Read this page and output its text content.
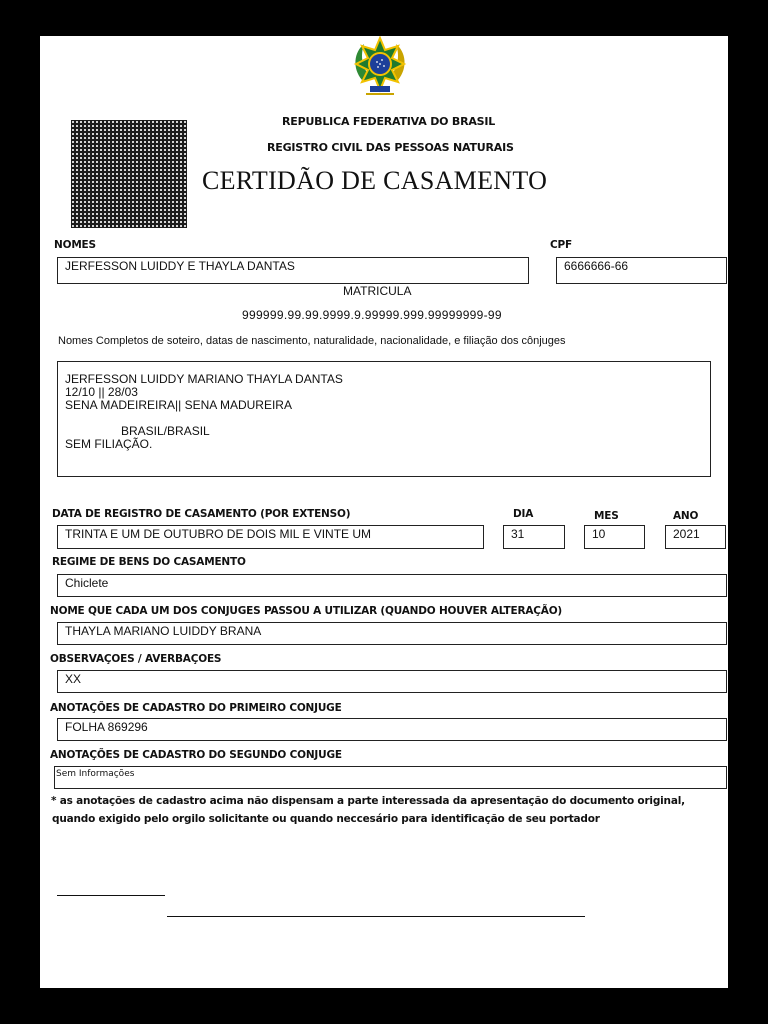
REPUBLICA FEDERATIVA DO BRASIL
REGISTRO CIVIL DAS PESSOAS NATURAIS
CERTIDÃO DE CASAMENTO
NOMES
JERFESSON LUIDDY E THAYLA DANTAS
CPF
6666666-66
MATRICULA
999999.99.99.9999.9.99999.999.99999999-99
Nomes Completos de soteiro, datas de nascimento, naturalidade, nacionalidade, e filiação dos cônjuges
JERFESSON LUIDDY MARIANO THAYLA DANTAS
12/10 || 28/03
SENA MADEIREIRA|| SENA MADUREIRA
BRASIL/BRASIL
SEM FILIAÇÃO.
DATA DE REGISTRO DE CASAMENTO (POR EXTENSO)
TRINTA E UM DE OUTUBRO DE DOIS MIL E VINTE UM
DIA
31
MES
10
ANO
2021
REGIME DE BENS DO CASAMENTO
Chiclete
NOME QUE CADA UM DOS CONJUGES PASSOU A UTILIZAR (QUANDO HOUVER ALTERAÇÃO)
THAYLA MARIANO LUIDDY BRANA
OBSERVAÇOES / AVERBAÇOES
XX
ANOTAÇÕES DE CADASTRO DO PRIMEIRO CONJUGE
FOLHA 869296
ANOTAÇÕES DE CADASTRO DO SEGUNDO CONJUGE
Sem Informações
* as anotações de cadastro acima não dispensam a parte interessada da apresentação do documento original,
quando exigido pelo orgilo solicitante ou quando neccesário para identificação de seu portador
